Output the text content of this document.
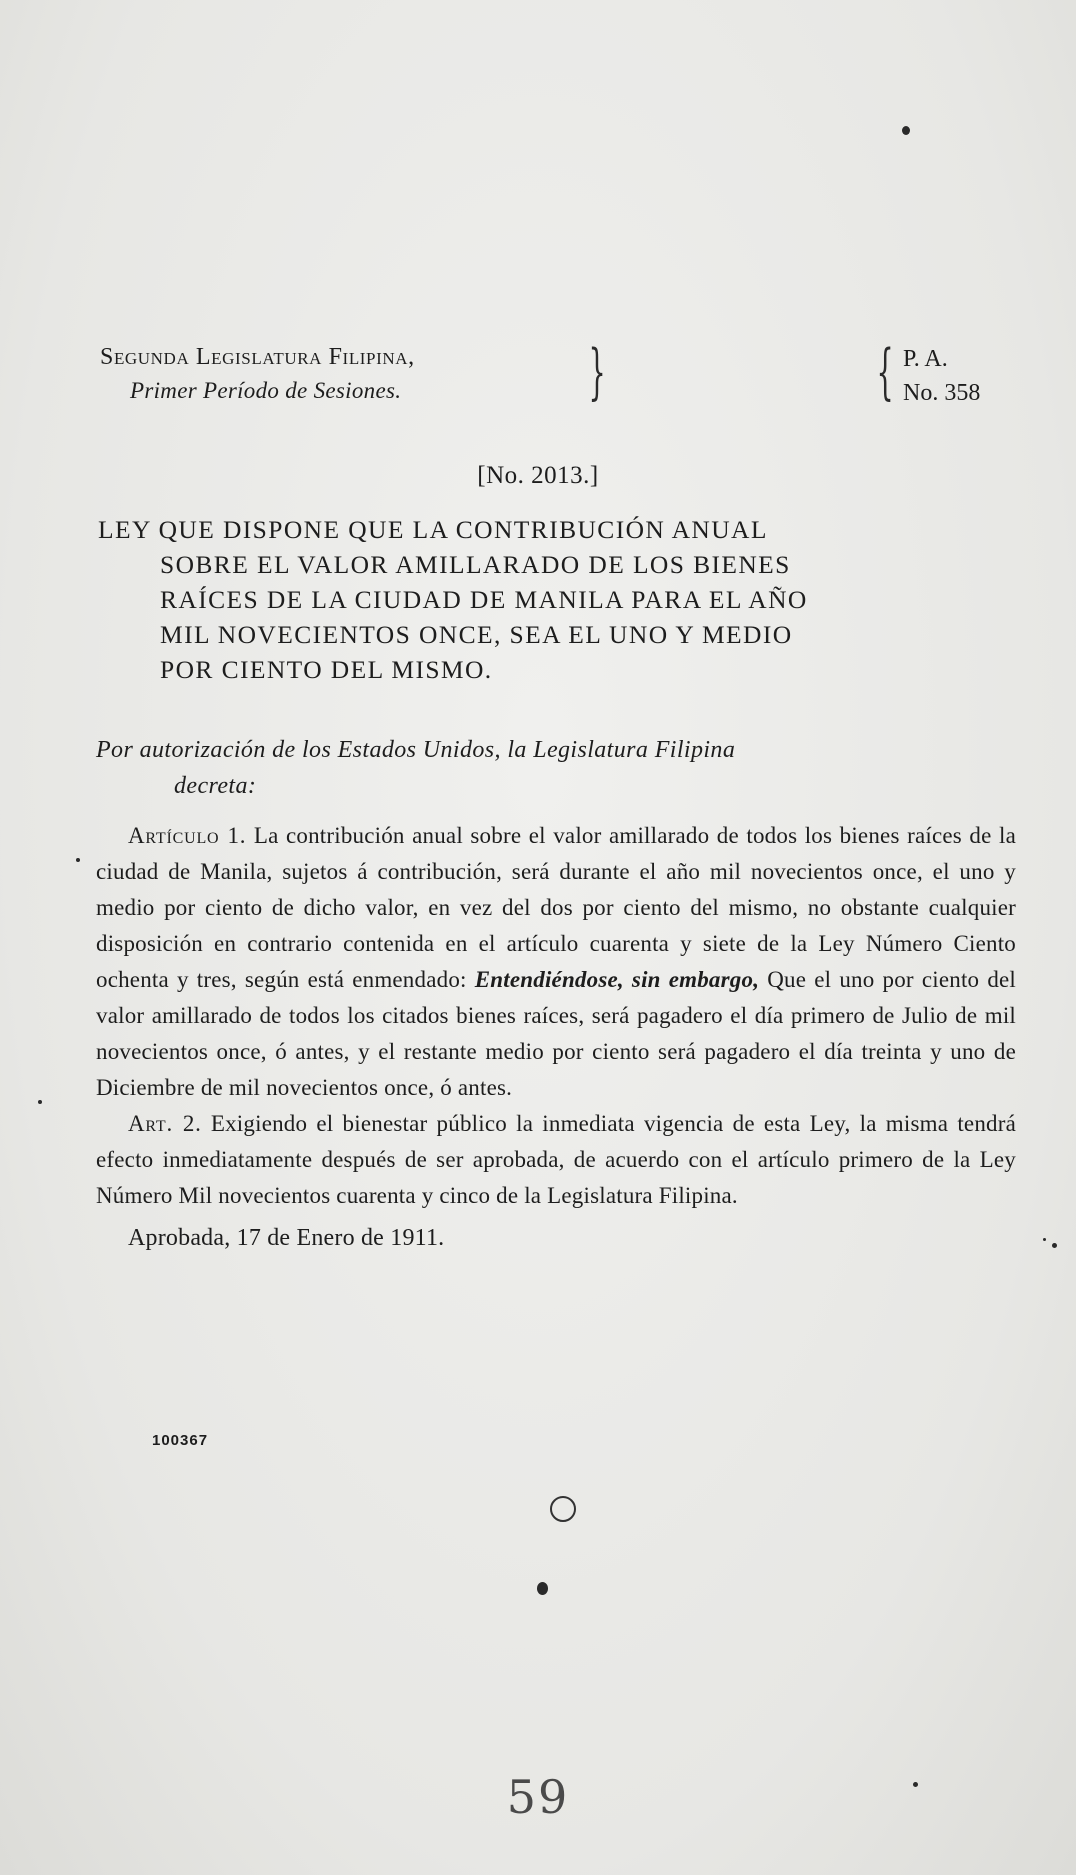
Segunda Legislatura Filipina,
Primer Período de Sesiones.	}	{ P. A.
No. 358
[No. 2013.]
LEY QUE DISPONE QUE LA CONTRIBUCIÓN ANUAL
SOBRE EL VALOR AMILLARADO DE LOS BIENES
RAÍCES DE LA CIUDAD DE MANILA PARA EL AÑO
MIL NOVECIENTOS ONCE, SEA EL UNO Y MEDIO
POR CIENTO DEL MISMO.
Por autorización de los Estados Unidos, la Legislatura Filipina
decreta:

Artículo 1. La contribución anual sobre el valor amillarado de todos los bienes raíces de la ciudad de Manila, sujetos á contribución, será durante el año mil novecientos once, el uno y medio por ciento de dicho valor, en vez del dos por ciento del mismo, no obstante cualquier disposición en contrario contenida en el artículo cuarenta y siete de la Ley Número Ciento ochenta y tres, según está enmendado: Entendiéndose, sin embargo, Que el uno por ciento del valor amillarado de todos los citados bienes raíces, será pagadero el día primero de Julio de mil novecientos once, ó antes, y el restante medio por ciento será pagadero el día treinta y uno de Diciembre de mil novecientos once, ó antes.

Art. 2. Exigiendo el bienestar público la inmediata vigencia de esta Ley, la misma tendrá efecto inmediatamente después de ser aprobada, de acuerdo con el artículo primero de la Ley Número Mil novecientos cuarenta y cinco de la Legislatura Filipina.

Aprobada, 17 de Enero de 1911.

100367
59
